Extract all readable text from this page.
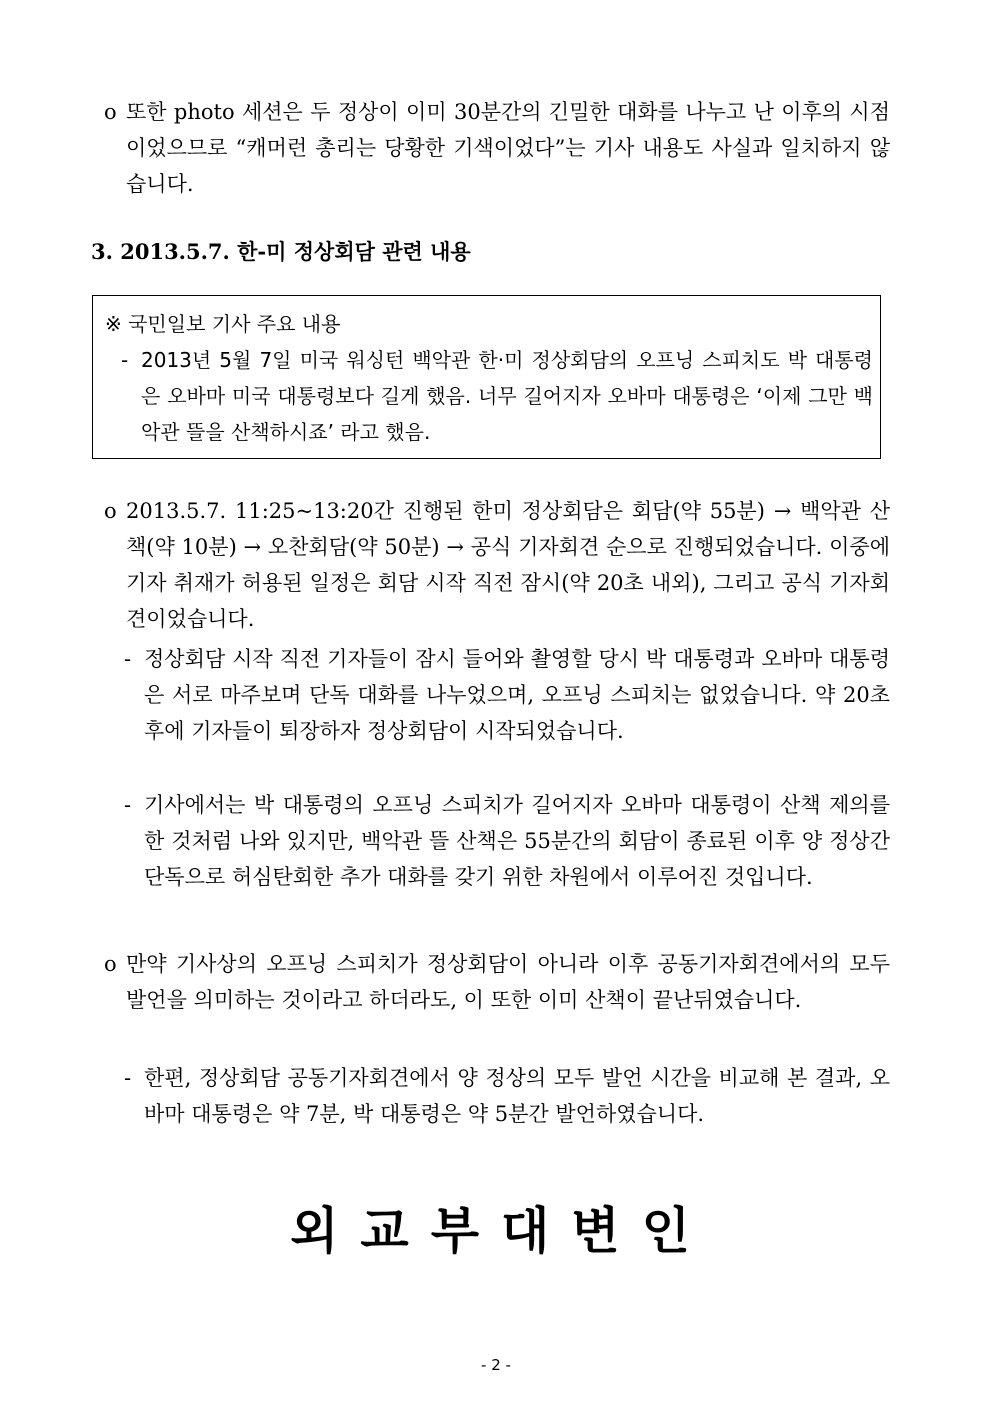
o 또한 photo 세션은 두 정상이 이미 30분간의 긴밀한 대화를 나누고 난 이후의 시점이었으므로 “캐머런 총리는 당황한 기색이었다”는 기사 내용도 사실과 일치하지 않습니다.
3. 2013.5.7. 한-미 정상회담 관련 내용
※ 국민일보 기사 주요 내용
- 2013년 5월 7일 미국 워싱턴 백악관 한·미 정상회담의 오프닝 스피치도 박 대통령은 오바마 미국 대통령보다 길게 했음. 너무 길어지자 오바마 대통령은 ‘이제 그만 백악관 뜰을 산책하시죠’ 라고 했음.
o 2013.5.7. 11:25~13:20간 진행된 한미 정상회담은 회담(약 55분) → 백악관 산책(약 10분) → 오찬회담(약 50분) → 공식 기자회견 순으로 진행되었습니다. 이중에 기자 취재가 허용된 일정은 회담 시작 직전 잠시(약 20초 내외), 그리고 공식 기자회견이었습니다.
- 정상회담 시작 직전 기자들이 잠시 들어와 촬영할 당시 박 대통령과 오바마 대통령은 서로 마주보며 단독 대화를 나누었으며, 오프닝 스피치는 없었습니다. 약 20초 후에 기자들이 퇴장하자 정상회담이 시작되었습니다.
- 기사에서는 박 대통령의 오프닝 스피치가 길어지자 오바마 대통령이 산책 제의를 한 것처럼 나와 있지만, 백악관 뜰 산책은 55분간의 회담이 종료된 이후 양 정상간 단독으로 허심탄회한 추가 대화를 갖기 위한 차원에서 이루어진 것입니다.
o 만약 기사상의 오프닝 스피치가 정상회담이 아니라 이후 공동기자회견에서의 모두 발언을 의미하는 것이라고 하더라도, 이 또한 이미 산책이 끝난뒤였습니다.
- 한편, 정상회담 공동기자회견에서 양 정상의 모두 발언 시간을 비교해 본 결과, 오바마 대통령은 약 7분, 박 대통령은 약 5분간 발언하였습니다.
외교부대변인
- 2 -
